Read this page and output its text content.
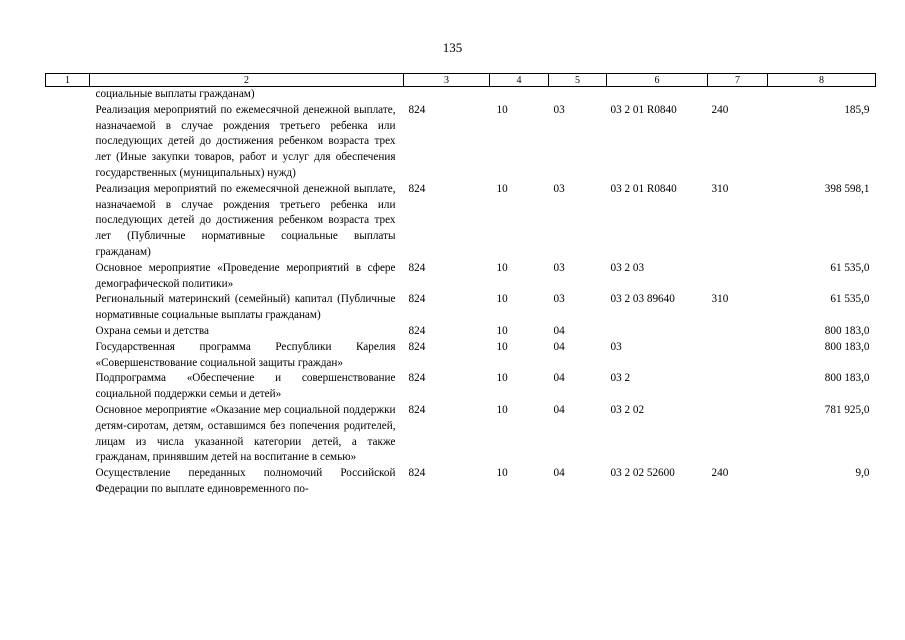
135
1	2	3	4	5	6	7	8
	социальные выплаты гражданам)						
	Реализация мероприятий по ежемесячной денежной выплате, назначаемой в случае рождения третьего ребенка или последующих детей до достижения ребенком возраста трех лет (Иные закупки товаров, работ и услуг для обеспечения государственных (муниципальных) нужд)	824	10	03	03 2 01 R0840	240	185,9
	Реализация мероприятий по ежемесячной денежной выплате, назначаемой в случае рождения третьего ребенка или последующих детей до достижения ребенком возраста трех лет (Публичные нормативные социальные выплаты гражданам)	824	10	03	03 2 01 R0840	310	398 598,1
	Основное мероприятие «Проведение мероприятий в сфере демографической политики»	824	10	03	03 2 03		61 535,0
	Региональный материнский (семейный) капитал (Публичные нормативные социальные выплаты гражданам)	824	10	03	03 2 03 89640	310	61 535,0
	Охрана семьи и детства	824	10	04			800 183,0
	Государственная программа Республики Карелия «Совершенствование социальной защиты граждан»	824	10	04	03		800 183,0
	Подпрограмма «Обеспечение и совершенствование социальной поддержки семьи и детей»	824	10	04	03 2		800 183,0
	Основное мероприятие «Оказание мер социальной поддержки детям-сиротам, детям, оставшимся без попечения родителей, лицам из числа указанной категории детей, а также гражданам, принявшим детей на воспитание в семью»	824	10	04	03 2 02		781 925,0
	Осуществление переданных полномочий Российской Федерации по выплате единовременного по-	824	10	04	03 2 02 52600	240	9,0
